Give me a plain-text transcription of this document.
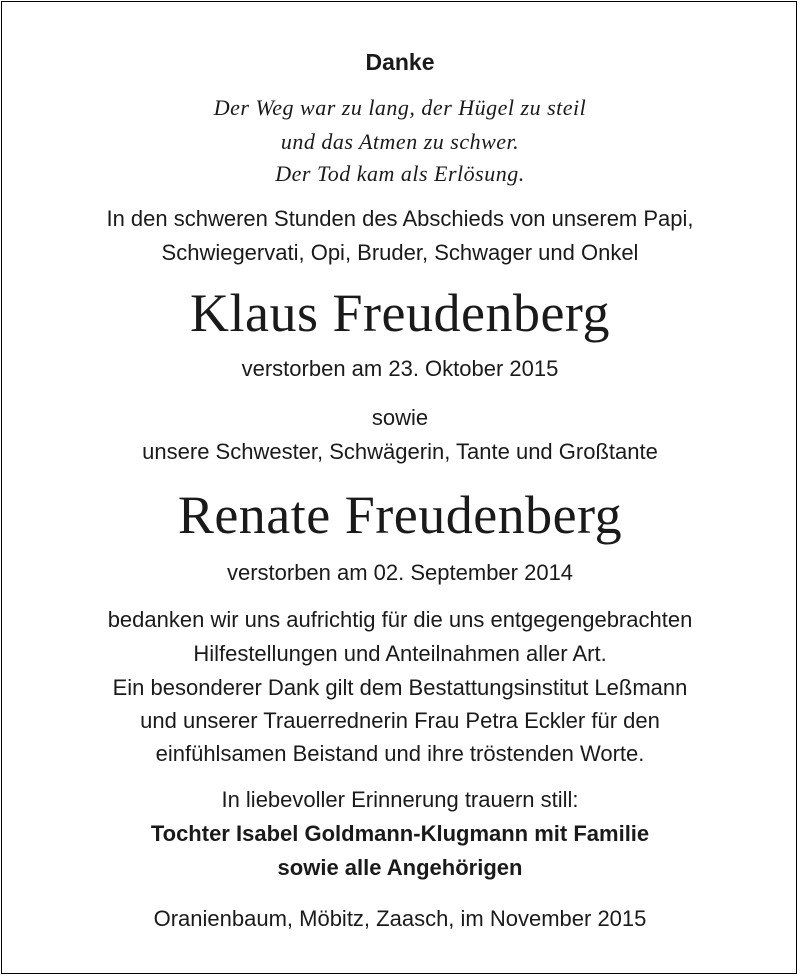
Danke
Der Weg war zu lang, der Hügel zu steil
und das Atmen zu schwer.
Der Tod kam als Erlösung.
In den schweren Stunden des Abschieds von unserem Papi,
Schwiegervati, Opi, Bruder, Schwager und Onkel
Klaus Freudenberg
verstorben am 23. Oktober 2015
sowie
unsere Schwester, Schwägerin, Tante und Großtante
Renate Freudenberg
verstorben am 02. September 2014
bedanken wir uns aufrichtig für die uns entgegengebrachten
Hilfestellungen und Anteilnahmen aller Art.
Ein besonderer Dank gilt dem Bestattungsinstitut Leßmann
und unserer Trauerrednerin Frau Petra Eckler für den
einfühlsamen Beistand und ihre tröstenden Worte.
In liebevoller Erinnerung trauern still:
Tochter Isabel Goldmann-Klugmann mit Familie
sowie alle Angehörigen
Oranienbaum, Möbitz, Zaasch, im November 2015
